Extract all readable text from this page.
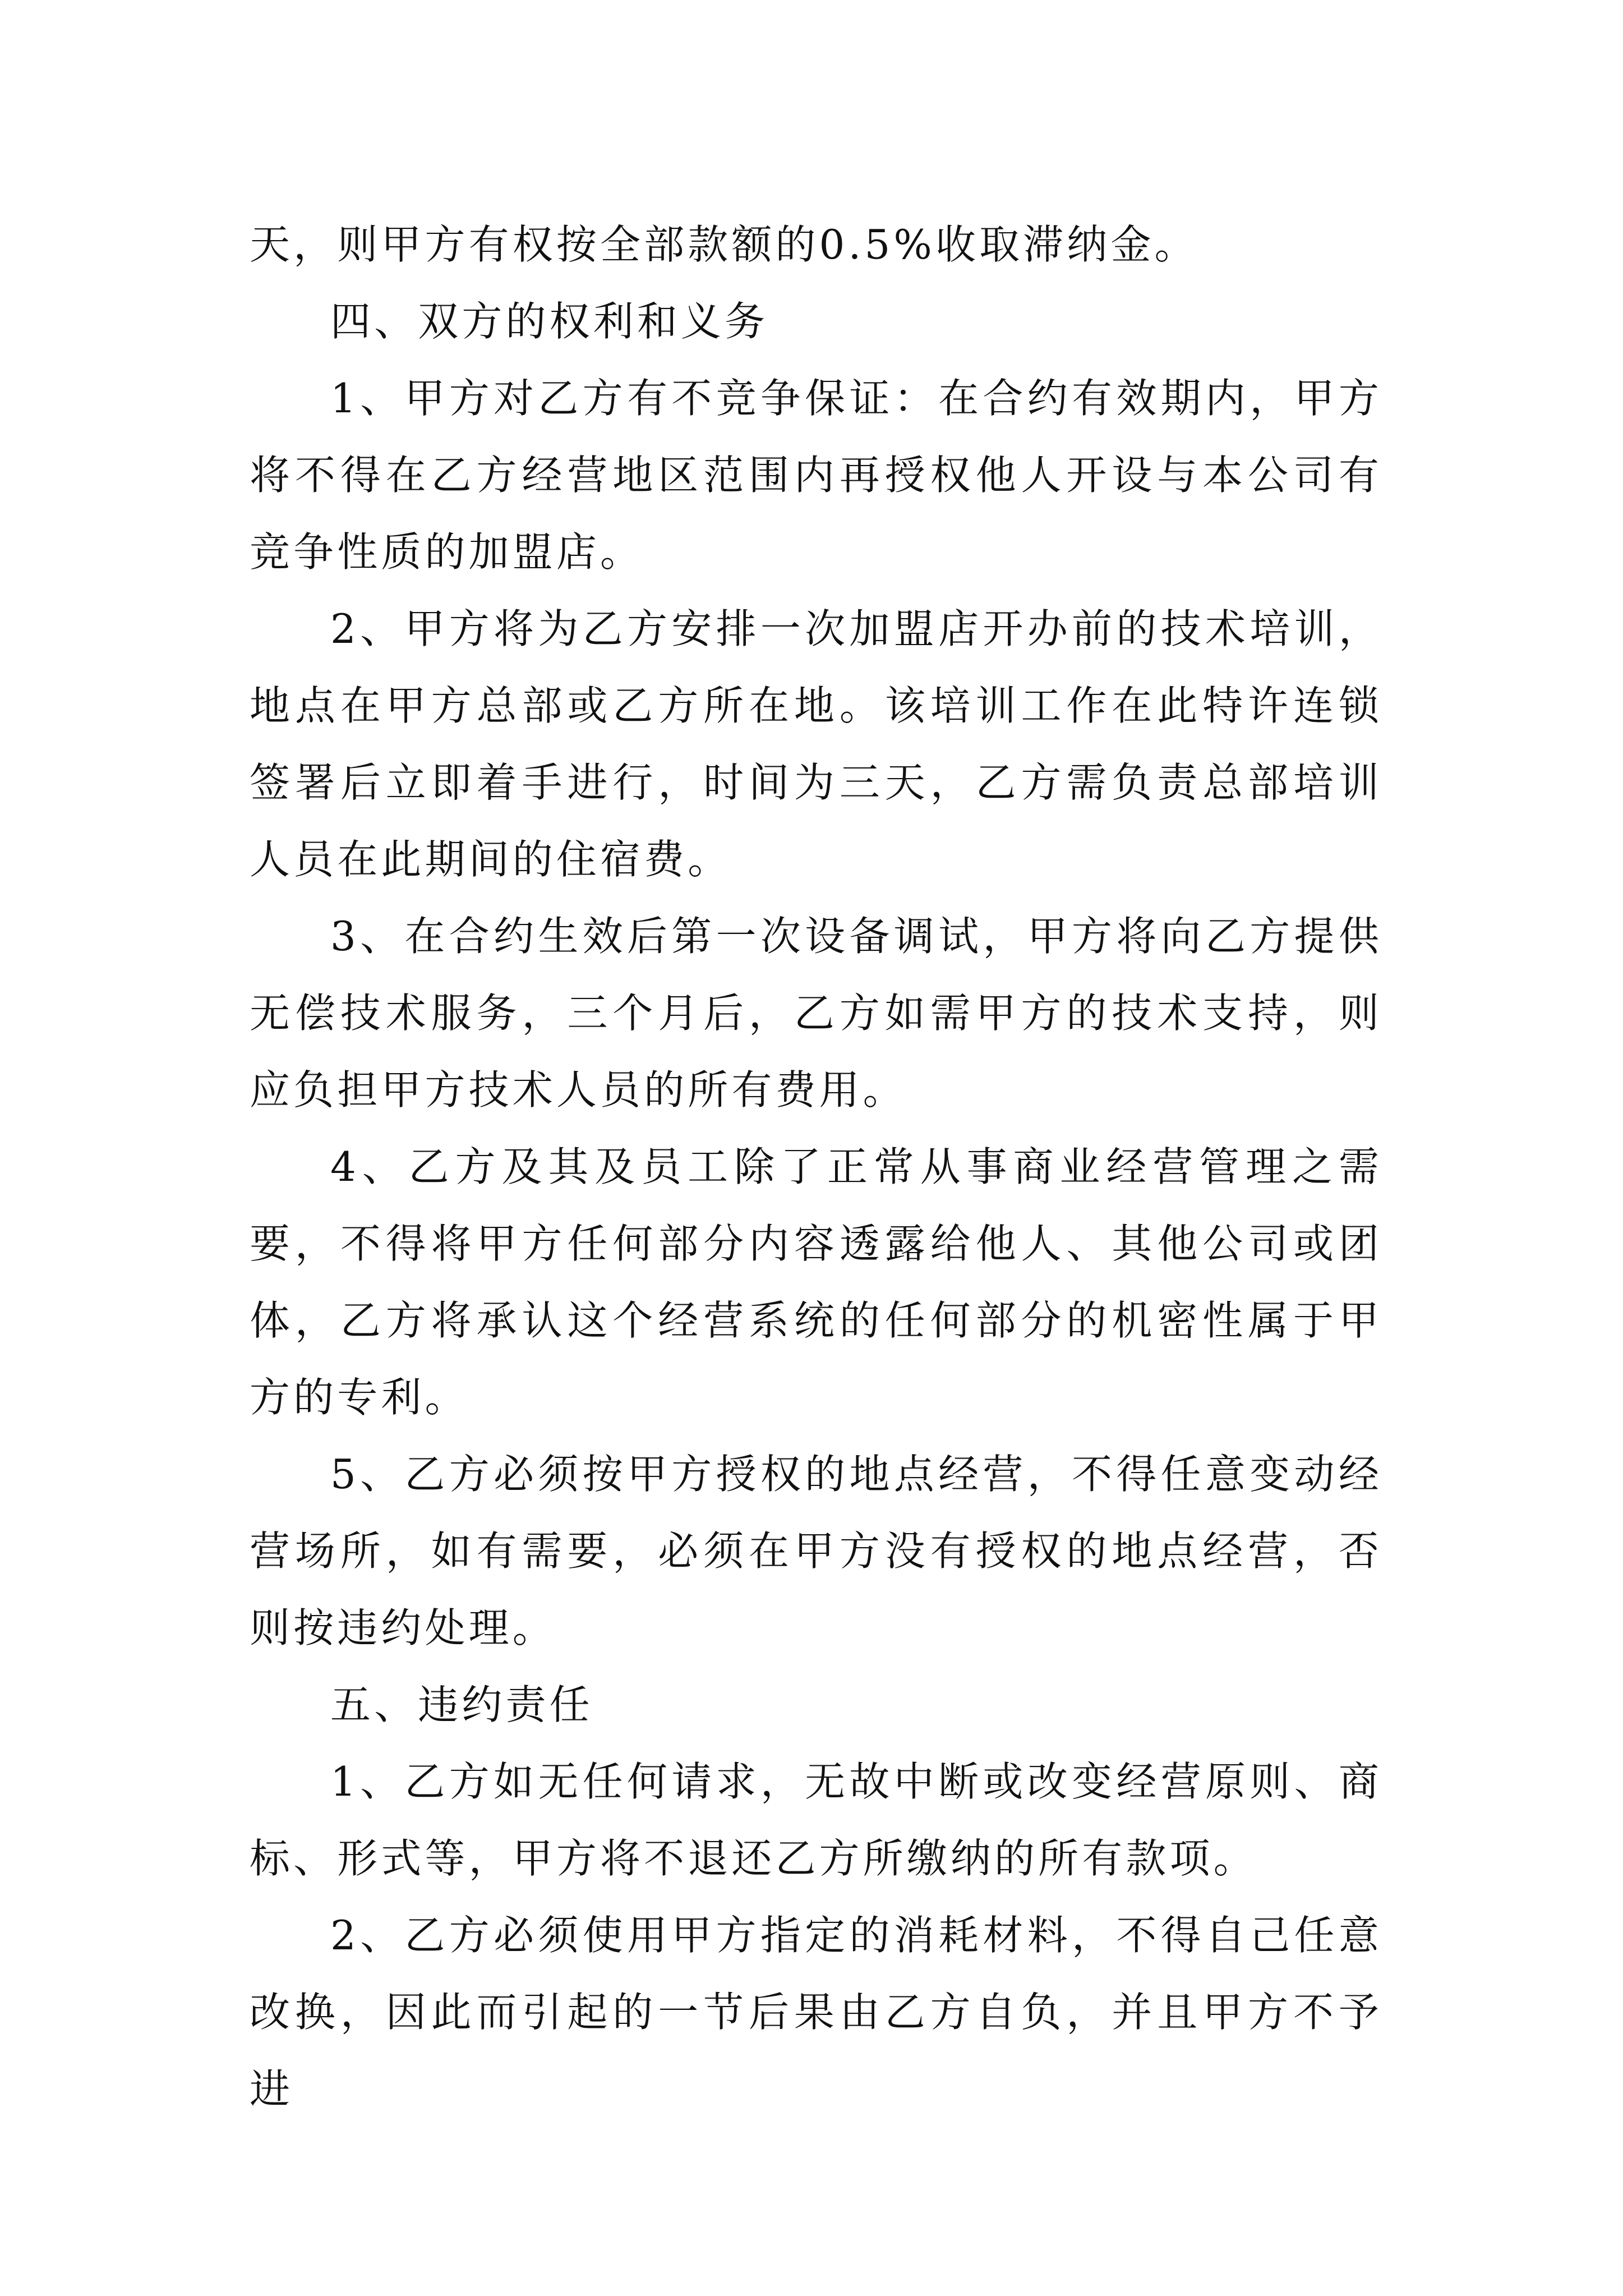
天，则甲方有权按全部款额的0.5%收取滞纳金。

四、双方的权利和义务

1、甲方对乙方有不竞争保证：在合约有效期内，甲方将不得在乙方经营地区范围内再授权他人开设与本公司有竞争性质的加盟店。

2、甲方将为乙方安排一次加盟店开办前的技术培训，地点在甲方总部或乙方所在地。该培训工作在此特许连锁签署后立即着手进行，时间为三天，乙方需负责总部培训人员在此期间的住宿费。

3、在合约生效后第一次设备调试，甲方将向乙方提供无偿技术服务，三个月后，乙方如需甲方的技术支持，则应负担甲方技术人员的所有费用。

4、乙方及其及员工除了正常从事商业经营管理之需要，不得将甲方任何部分内容透露给他人、其他公司或团体，乙方将承认这个经营系统的任何部分的机密性属于甲方的专利。

5、乙方必须按甲方授权的地点经营，不得任意变动经营场所，如有需要，必须在甲方没有授权的地点经营，否则按违约处理。

五、违约责任

1、乙方如无任何请求，无故中断或改变经营原则、商标、形式等，甲方将不退还乙方所缴纳的所有款项。

2、乙方必须使用甲方指定的消耗材料，不得自己任意改换，因此而引起的一节后果由乙方自负，并且甲方不予进
